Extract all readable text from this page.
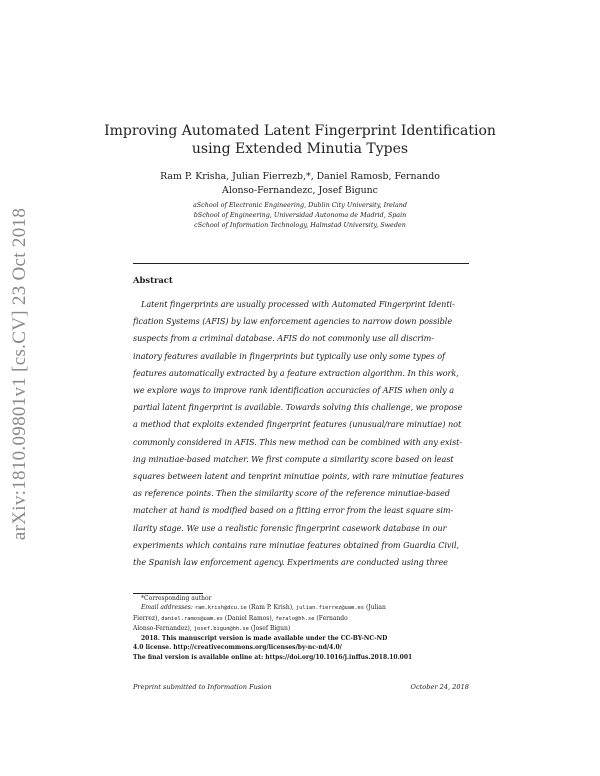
arXiv:1810.09801v1 [cs.CV] 23 Oct 2018
Improving Automated Latent Fingerprint Identification
using Extended Minutia Types
Ram P. Krisha, Julian Fierrezb,*, Daniel Ramosb, Fernando
Alonso-Fernandezc, Josef Bigunc
aSchool of Electronic Engineering, Dublin City University, Ireland
bSchool of Engineering, Universidad Autonoma de Madrid, Spain
cSchool of Information Technology, Halmstad University, Sweden
Abstract
Latent fingerprints are usually processed with Automated Fingerprint Identi-
fication Systems (AFIS) by law enforcement agencies to narrow down possible
suspects from a criminal database. AFIS do not commonly use all discrim-
inatory features available in fingerprints but typically use only some types of
features automatically extracted by a feature extraction algorithm. In this work,
we explore ways to improve rank identification accuracies of AFIS when only a
partial latent fingerprint is available. Towards solving this challenge, we propose
a method that exploits extended fingerprint features (unusual/rare minutiae) not
commonly considered in AFIS. This new method can be combined with any exist-
ing minutiae-based matcher. We first compute a similarity score based on least
squares between latent and tenprint minutiae points, with rare minutiae features
as reference points. Then the similarity score of the reference minutiae-based
matcher at hand is modified based on a fitting error from the least square sim-
ilarity stage. We use a realistic forensic fingerprint casework database in our
experiments which contains rare minutiae features obtained from Guardia Civil,
the Spanish law enforcement agency. Experiments are conducted using three
*Corresponding author
Email addresses: ram.krish@dcu.ie (Ram P. Krish), julian.fierrez@uam.es (Julian
Fierrez), daniel.ramos@uam.es (Daniel Ramos), feralo@hh.se (Fernando
Alonso-Fernandez), josef.bigun@hh.se (Josef Bigun)
2018. This manuscript version is made available under the CC-BY-NC-ND
4.0 license. http://creativecommons.org/licenses/by-nc-nd/4.0/
The final version is available online at: https://doi.org/10.1016/j.inffus.2018.10.001
Preprint submitted to Information Fusion	October 24, 2018
